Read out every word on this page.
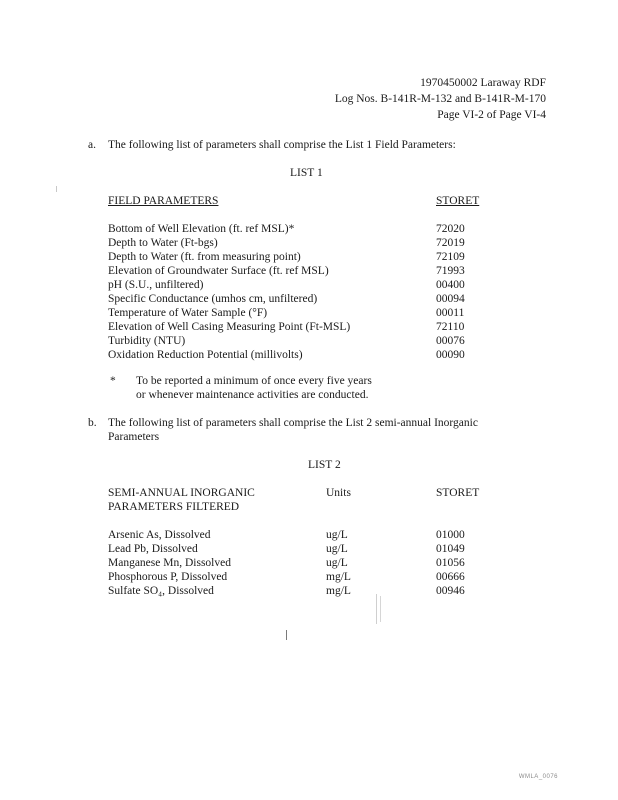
1970450002 Laraway RDF
Log Nos. B-141R-M-132 and B-141R-M-170
Page VI-2 of Page VI-4
a. The following list of parameters shall comprise the List 1 Field Parameters:
LIST 1
FIELD PARAMETERS	STORET
Bottom of Well Elevation (ft. ref MSL)*	72020
Depth to Water (Ft-bgs)	72019
Depth to Water (ft. from measuring point)	72109
Elevation of Groundwater Surface (ft. ref MSL)	71993
pH (S.U., unfiltered)	00400
Specific Conductance (umhos cm, unfiltered)	00094
Temperature of Water Sample (°F)	00011
Elevation of Well Casing Measuring Point (Ft-MSL)	72110
Turbidity (NTU)	00076
Oxidation Reduction Potential (millivolts)	00090
* To be reported a minimum of once every five years
or whenever maintenance activities are conducted.
b. The following list of parameters shall comprise the List 2 semi-annual Inorganic
Parameters
LIST 2
SEMI-ANNUAL INORGANIC
PARAMETERS FILTERED
Units	STORET
Arsenic As, Dissolved	ug/L	01000
Lead Pb, Dissolved	ug/L	01049
Manganese Mn, Dissolved	ug/L	01056
Phosphorous P, Dissolved	mg/L	00666
Sulfate SO₄, Dissolved	mg/L	00946
WMLA_0076
